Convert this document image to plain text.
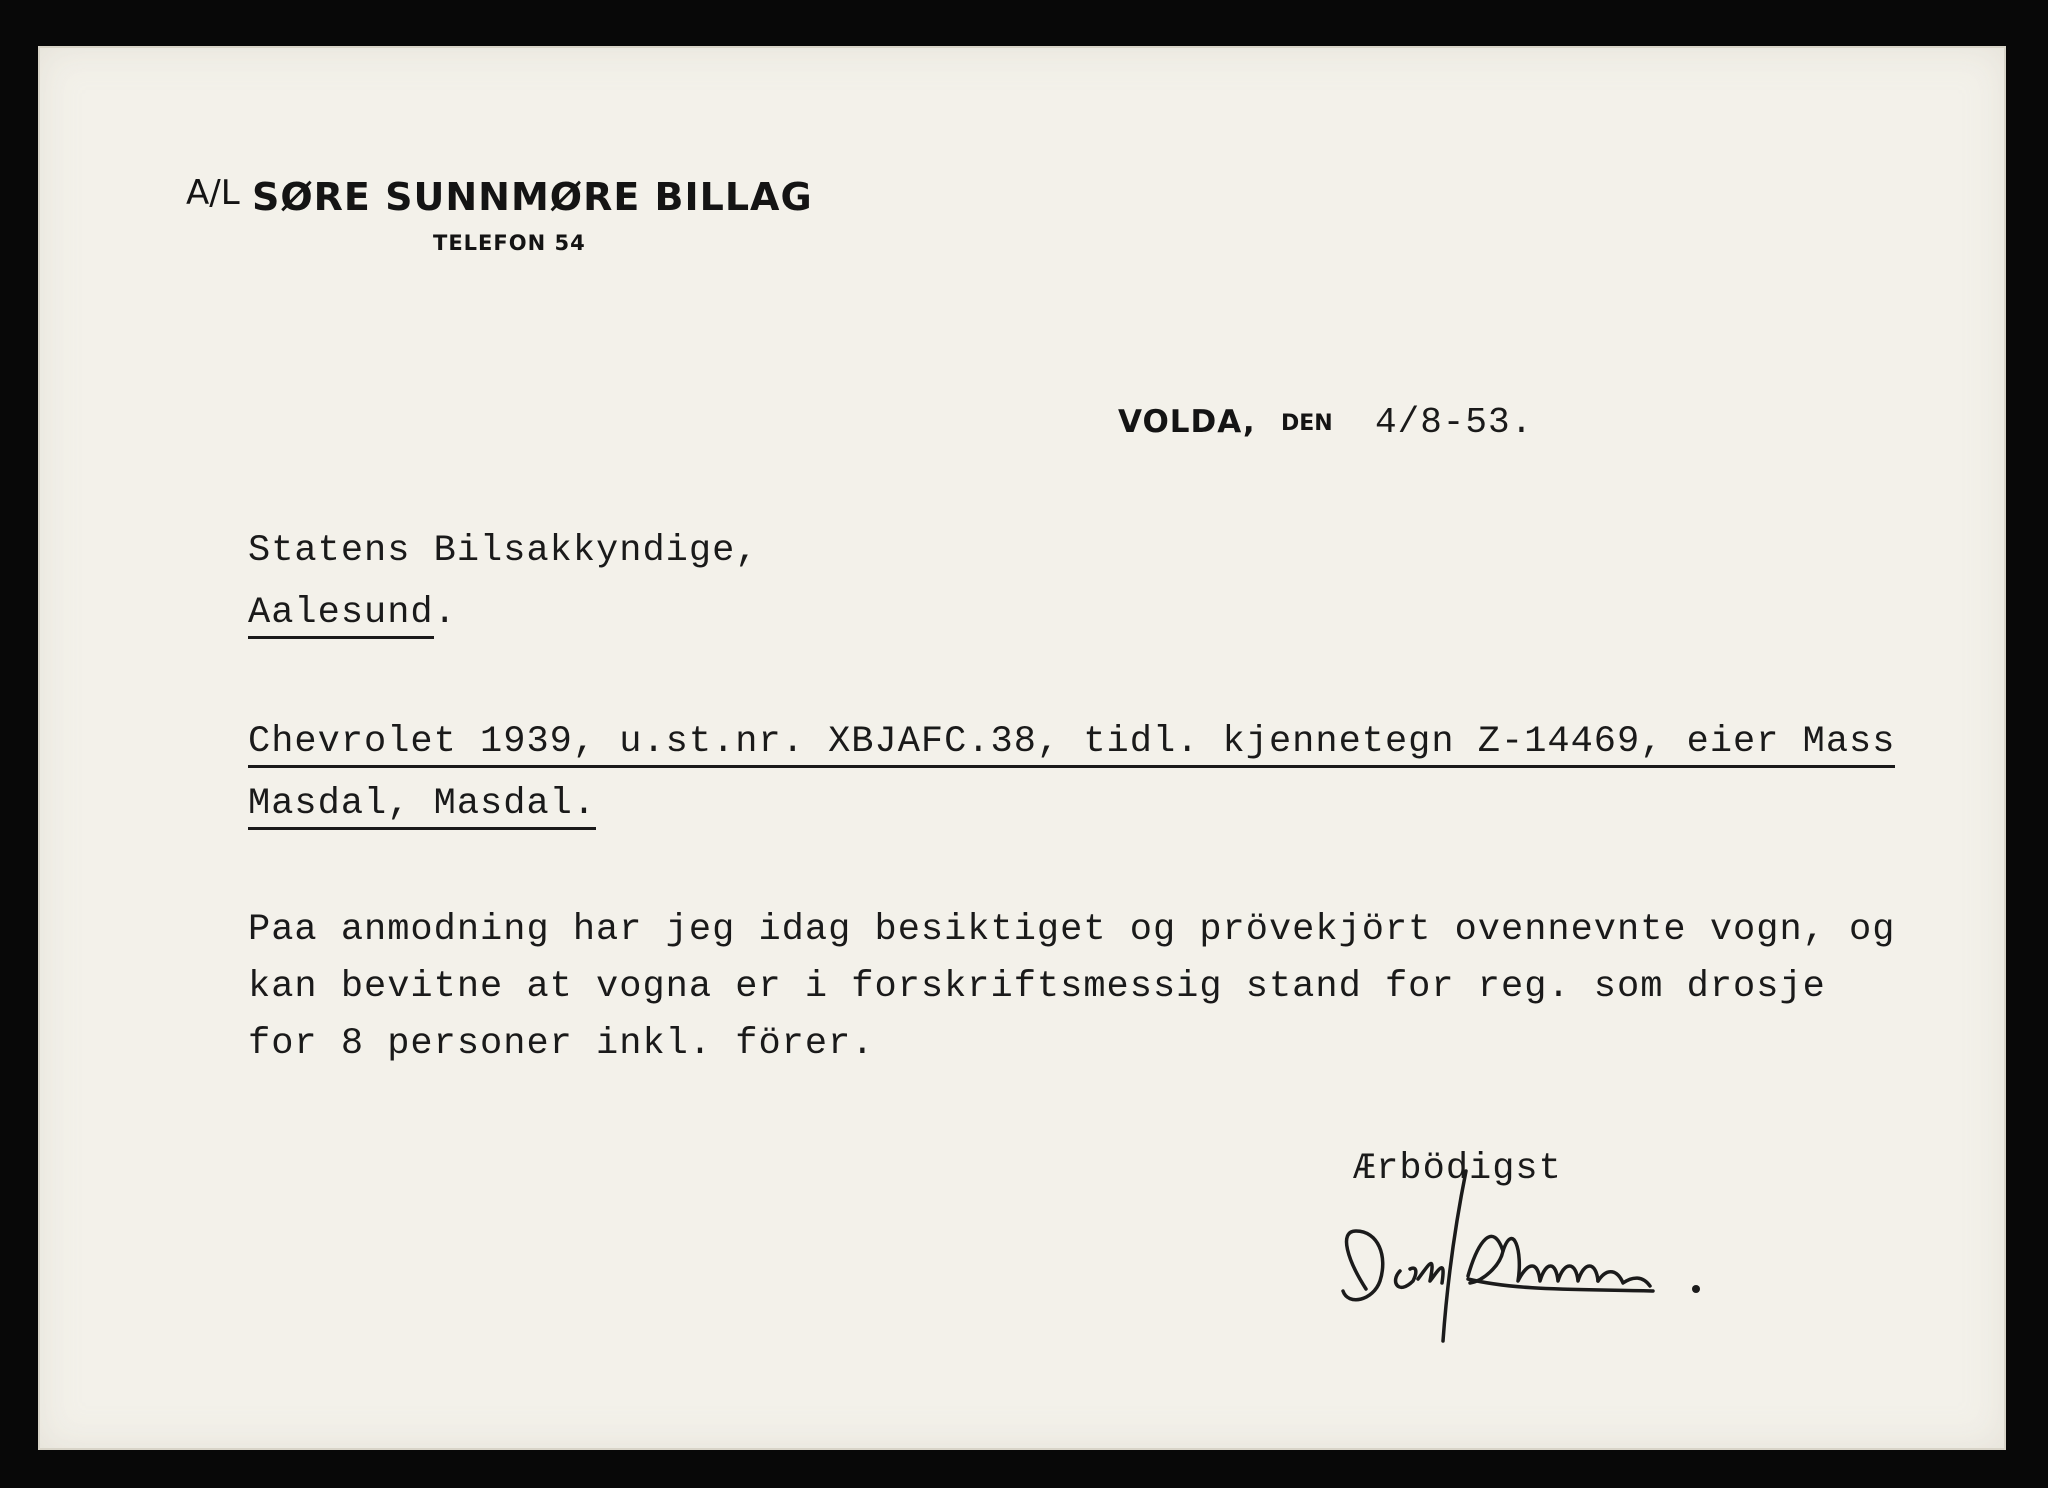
A/L SØRE SUNNMØRE BILLAG
TELEFON 54
VOLDA, DEN 4/8-53.
Statens Bilsakkyndige,
Aalesund.
Chevrolet 1939, u.st.nr. XBJAFC.38, tidl. kjennetegn Z-14469, eier Mass
Masdal, Masdal.
Paa anmodning har jeg idag besiktiget og prövekjört ovennevnte vogn, og
kan bevitne at vogna er i forskriftsmessig stand for reg. som drosje
for 8 personer inkl. förer.
Ærbödigst
